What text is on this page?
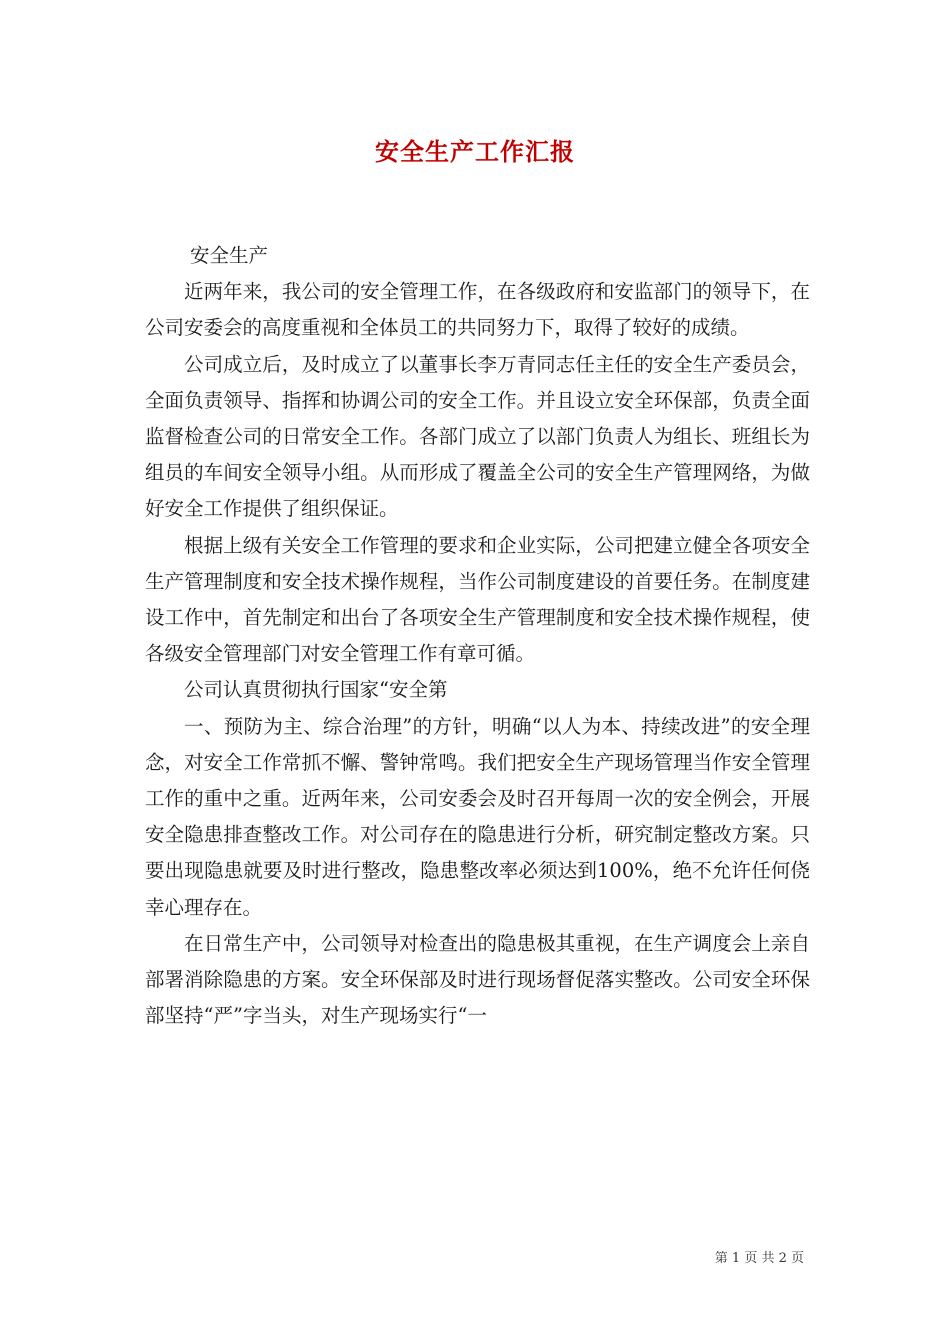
安全生产工作汇报

安全生产

近两年来，我公司的安全管理工作，在各级政府和安监部门的领导下，在公司安委会的高度重视和全体员工的共同努力下，取得了较好的成绩。

公司成立后，及时成立了以董事长李万青同志任主任的安全生产委员会，全面负责领导、指挥和协调公司的安全工作。并且设立安全环保部，负责全面监督检查公司的日常安全工作。各部门成立了以部门负责人为组长、班组长为组员的车间安全领导小组。从而形成了覆盖全公司的安全生产管理网络，为做好安全工作提供了组织保证。

根据上级有关安全工作管理的要求和企业实际，公司把建立健全各项安全生产管理制度和安全技术操作规程，当作公司制度建设的首要任务。在制度建设工作中，首先制定和出台了各项安全生产管理制度和安全技术操作规程，使各级安全管理部门对安全管理工作有章可循。

公司认真贯彻执行国家“安全第

一、预防为主、综合治理”的方针，明确“以人为本、持续改进”的安全理念，对安全工作常抓不懈、警钟常鸣。我们把安全生产现场管理当作安全管理工作的重中之重。近两年来，公司安委会及时召开每周一次的安全例会，开展安全隐患排查整改工作。对公司存在的隐患进行分析，研究制定整改方案。只要出现隐患就要及时进行整改，隐患整改率必须达到100%，绝不允许任何侥幸心理存在。

在日常生产中，公司领导对检查出的隐患极其重视，在生产调度会上亲自部署消除隐患的方案。安全环保部及时进行现场督促落实整改。公司安全环保部坚持“严”字当头，对生产现场实行“一

第 1 页 共 2 页
